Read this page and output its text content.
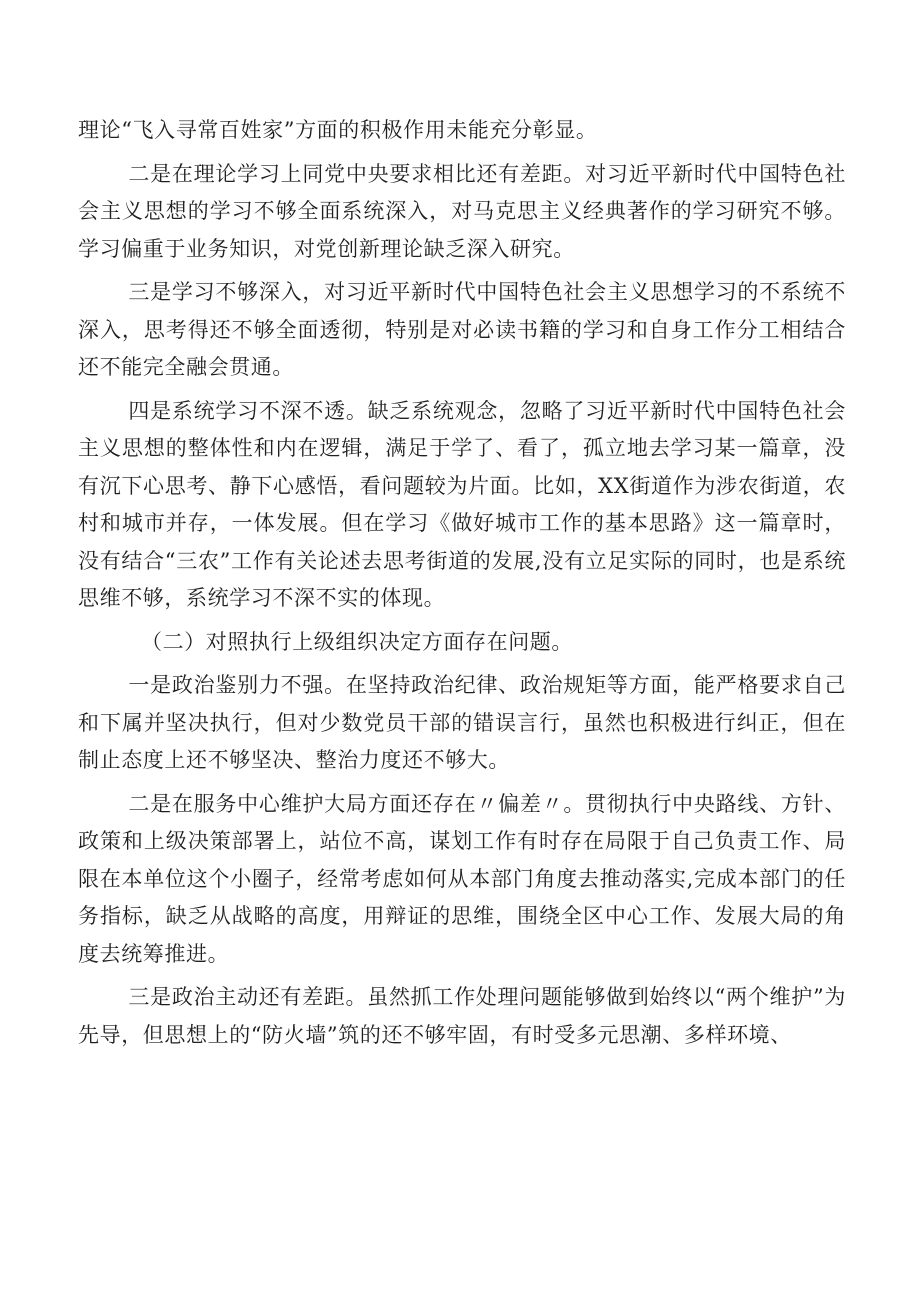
理论“飞入寻常百姓家”方面的积极作用未能充分彰显。

二是在理论学习上同党中央要求相比还有差距。对习近平新时代中国特色社会主义思想的学习不够全面系统深入，对马克思主义经典著作的学习研究不够。学习偏重于业务知识，对党创新理论缺乏深入研究。

三是学习不够深入，对习近平新时代中国特色社会主义思想学习的不系统不深入，思考得还不够全面透彻，特别是对必读书籍的学习和自身工作分工相结合还不能完全融会贯通。

四是系统学习不深不透。缺乏系统观念，忽略了习近平新时代中国特色社会主义思想的整体性和内在逻辑，满足于学了、看了，孤立地去学习某一篇章，没有沉下心思考、静下心感悟，看问题较为片面。比如，XX街道作为涉农街道，农村和城市并存，一体发展。但在学习《做好城市工作的基本思路》这一篇章时，没有结合“三农”工作有关论述去思考街道的发展,没有立足实际的同时，也是系统思维不够，系统学习不深不实的体现。

（二）对照执行上级组织决定方面存在问题。

一是政治鉴别力不强。在坚持政治纪律、政治规矩等方面，能严格要求自己和下属并坚决执行，但对少数党员干部的错误言行，虽然也积极进行纠正，但在制止态度上还不够坚决、整治力度还不够大。

二是在服务中心维护大局方面还存在〃偏差〃。贯彻执行中央路线、方针、政策和上级决策部署上，站位不高，谋划工作有时存在局限于自己负责工作、局限在本单位这个小圈子，经常考虑如何从本部门角度去推动落实,完成本部门的任务指标，缺乏从战略的高度，用辩证的思维，围绕全区中心工作、发展大局的角度去统筹推进。

三是政治主动还有差距。虽然抓工作处理问题能够做到始终以“两个维护”为先导，但思想上的“防火墙”筑的还不够牢固，有时受多元思潮、多样环境、
